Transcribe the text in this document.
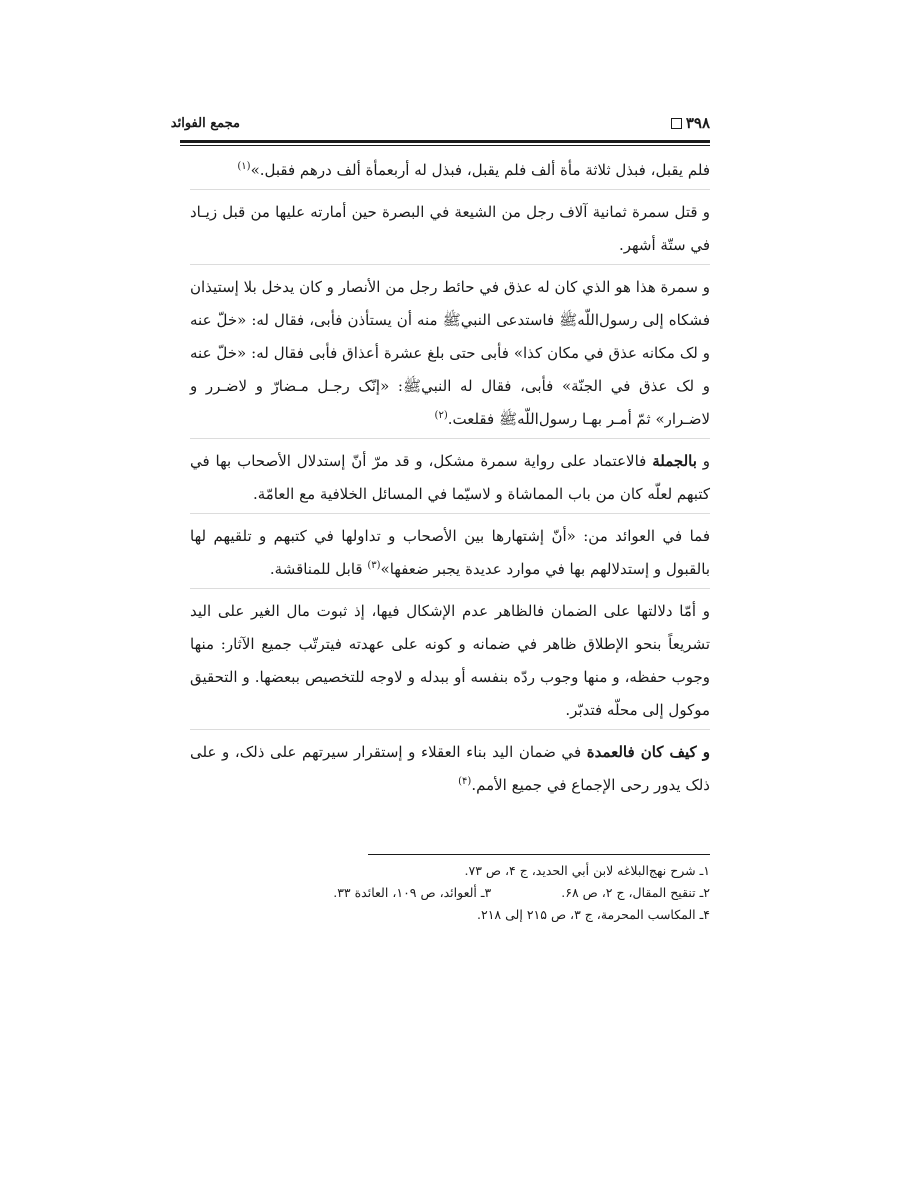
مجمع الفوائد	۳۹۸

فلم يقبل، فبذل ثلاثة مأة ألف فلم يقبل، فبذل له أربعمأة ألف درهم فقبل.»$^{(۱)}$

و قتل سمرة ثمانية آلاف رجل من الشيعة في البصرة حين أمارته عليها من قبل زيـاد في ستّة أشهر.

و سمرة هذا هو الذي كان له عذق في حائط رجل من الأنصار و كان يدخل بلا إستيذان فشكاه إلى رسول‌اللّه‌ﷺ فاستدعى النبي‌ﷺ منه أن يستأذن فأبى، فقال له: «خلّ عنه و لک مکانه عذق في مکان کذا» فأبى حتى بلغ عشرة أعذاق فأبى فقال له: «خلّ عنه و لک عذق في الجنّة» فأبى، فقال له النبي‌ﷺ: «إنّک رجـل مـضارّ و لاضـرر و لاضـرار» ثمّ أمـر بهـا رسول‌اللّه‌ﷺ فقلعت.$^{(۲)}$

و بالجملة فالاعتماد على رواية سمرة مشكل، و قد مرّ أنّ إستدلال الأصحاب بها في کتبهم لعلّه كان من باب المماشاة و لاسيّما في المسائل الخلافية مع العامّة.

فما في العوائد من: «أنّ إشتهارها بين الأصحاب و تداولها في كتبهم و تلقيهم لها بالقبول و إستدلالهم بها في موارد عديدة يجبر ضعفها»$^{(۳)}$ قابل للمناقشة.

و أمّا دلالتها على الضمان فالظاهر عدم الإشكال فيها، إذ ثبوت مال الغير على اليد تشريعاً بنحو الإطلاق ظاهر في ضمانه و كونه على عهدته فيترتّب جميع الآثار: منها وجوب حفظه، و منها وجوب ردّه بنفسه أو ببدله و لاوجه للتخصيص ببعضها. و التحقيق موكول إلى محلّه فتدبّر.

و كيف كان فالعمدة في ضمان اليد بناء العقلاء و إستقرار سيرتهم على ذلک، و على ذلک يدور رحى الإجماع في جميع الأمم.$^{(۴)}$

۱ـ شرح نهج‌البلاغه لابن أبي الحديد، ج ۴، ص ۷۳.
۲ـ تنقيح المقال، ج ۲، ص ۶۸.
۳ـ ألعوائد، ص ۱۰۹، العائدة ۳۳.
۴ـ المکاسب المحرمة، ج ۳، ص ۲۱۵ إلى ۲۱۸.
